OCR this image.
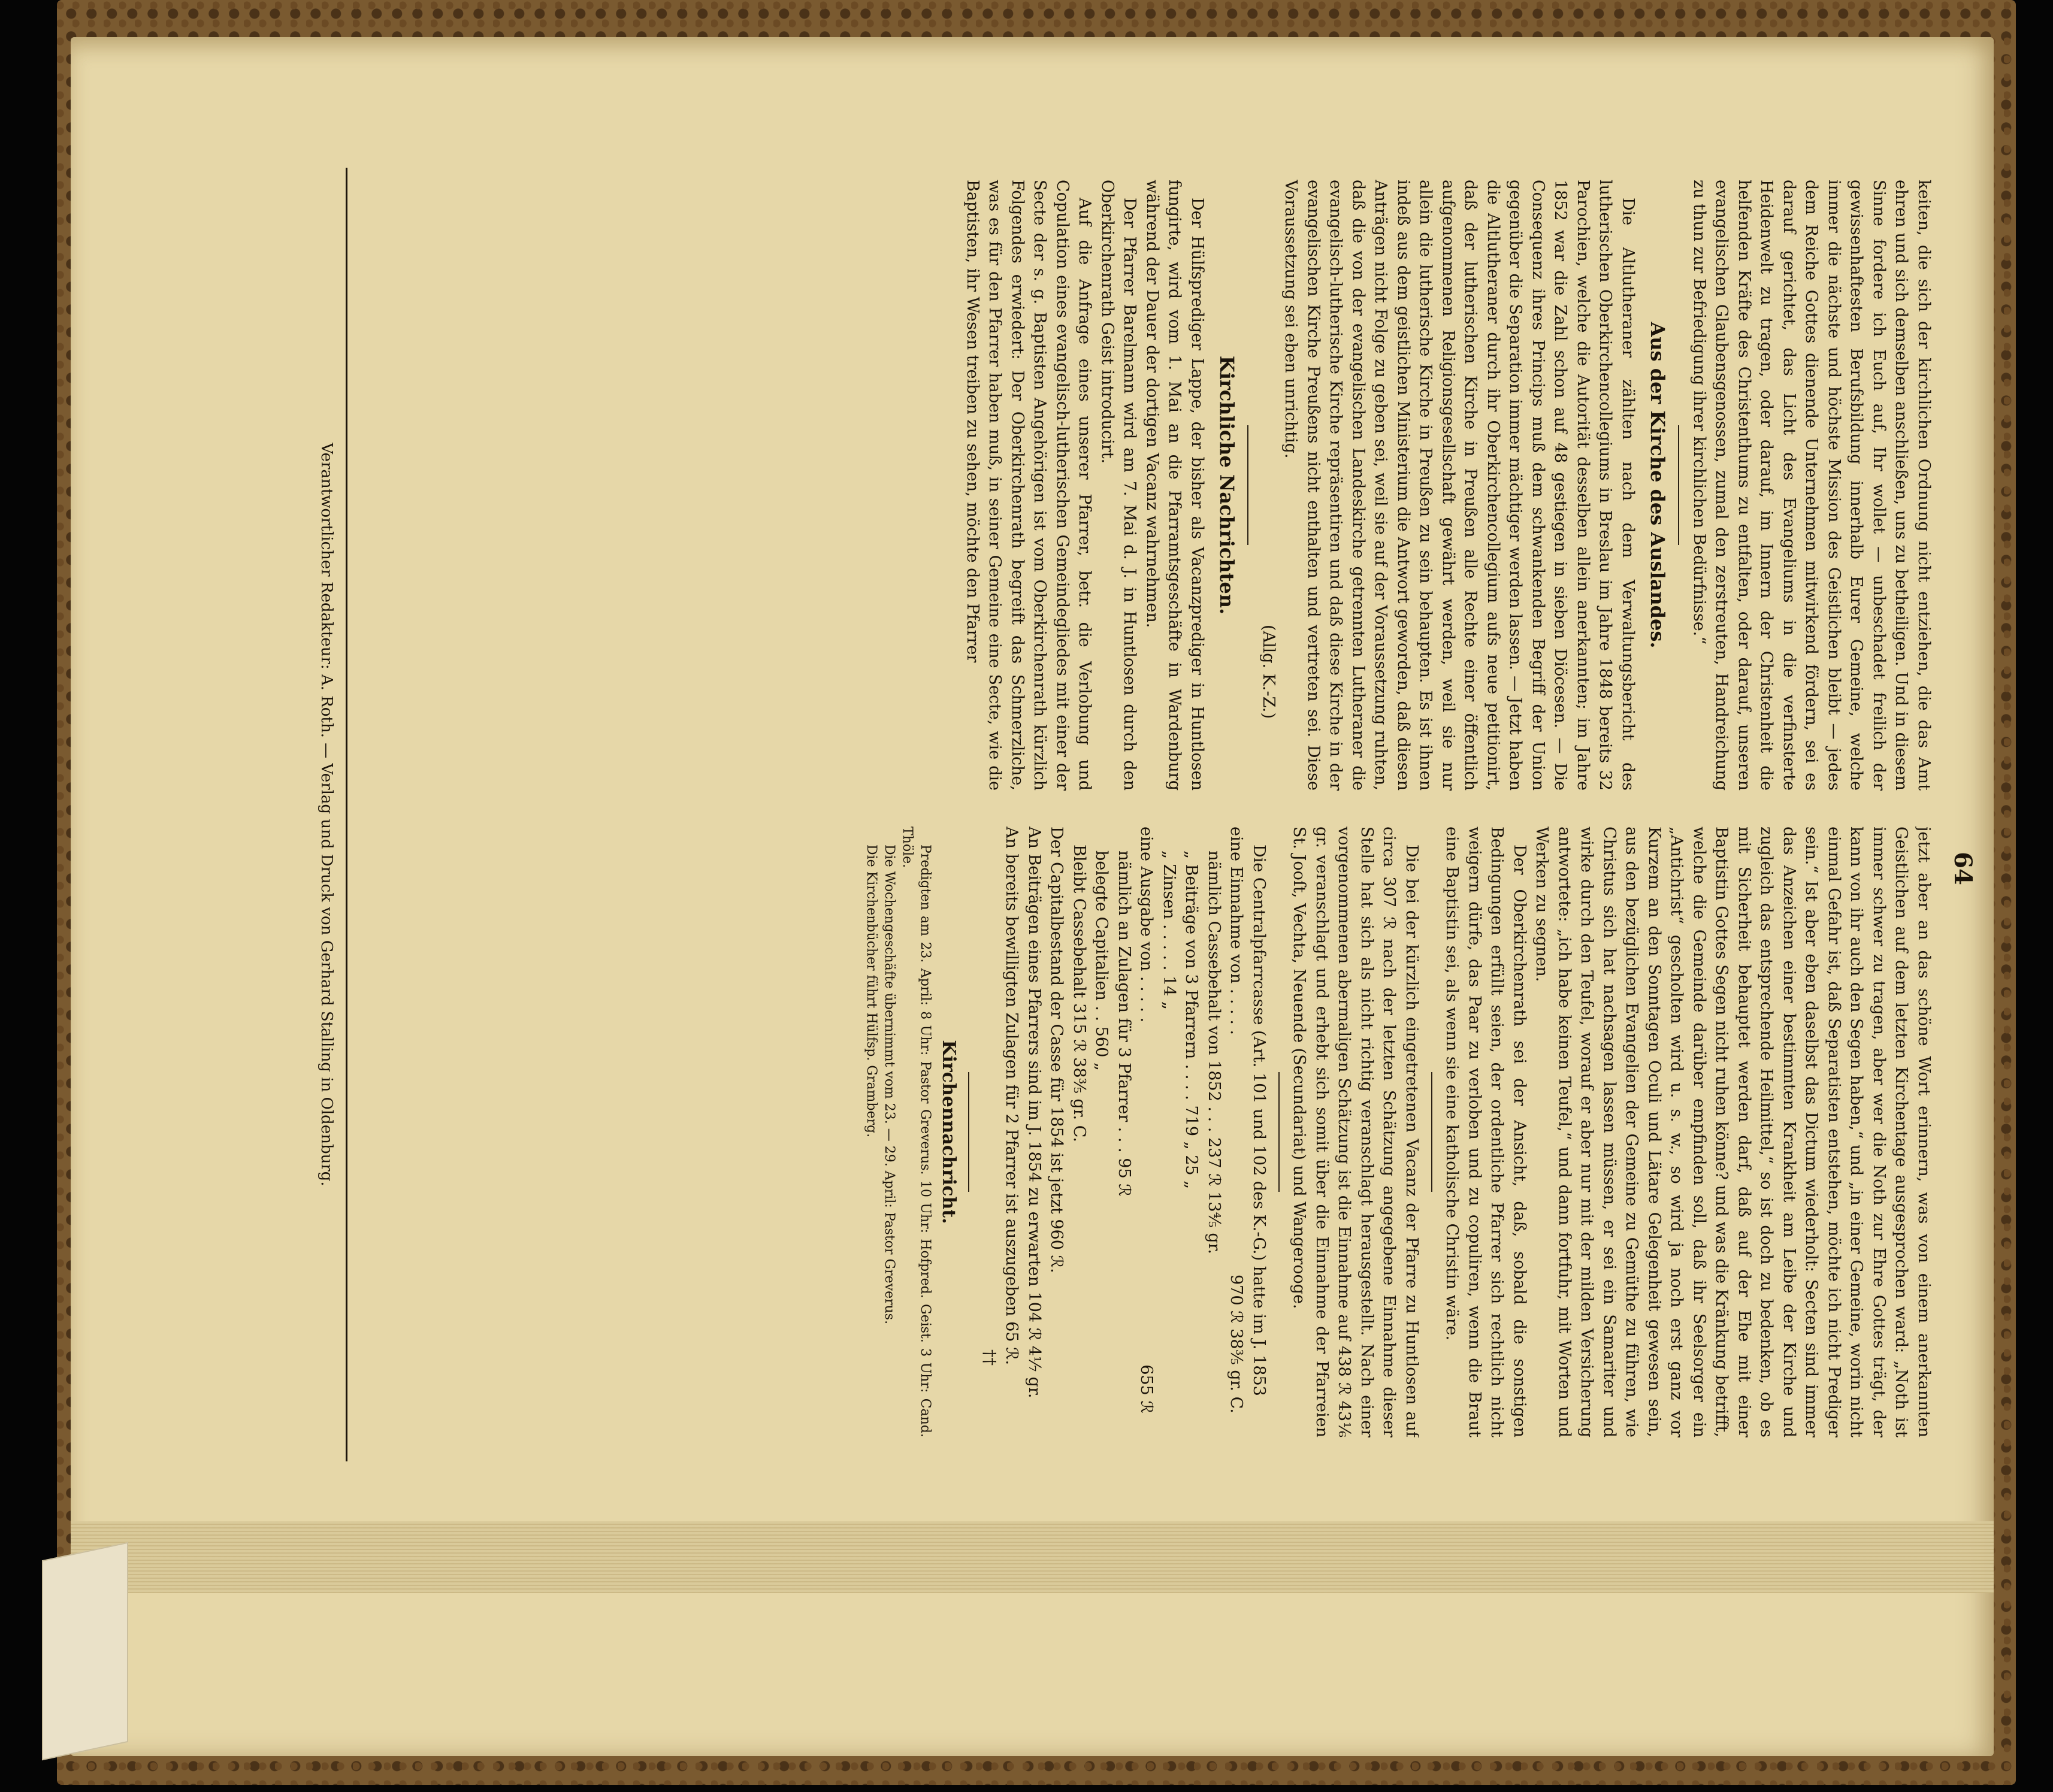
64

keiten, die sich der kirchlichen Ordnung nicht entziehen, die das Amt ehren und sich demselben anschließen, uns zu betheiligen. Und in diesem Sinne fordere ich Euch auf, Ihr wollet — unbeschadet freilich der gewissenhaftesten Berufsbildung innerhalb Eurer Gemeine, welche immer die nächste und höchste Mission des Geistlichen bleibt — jedes dem Reiche Gottes dienende Unternehmen mitwirkend fördern, sei es darauf gerichtet, das Licht des Evangeliums in die verfinsterte Heidenwelt zu tragen, oder darauf, im Innern der Christenheit die helfenden Kräfte des Christenthums zu entfalten, oder darauf, unseren evangelischen Glaubensgenossen, zumal den zerstreuten, Handreichung zu thun zur Befriedigung ihrer kirchlichen Bedürfnisse.“

Aus der Kirche des Auslandes.

Die Altlutheraner zählten nach dem Verwaltungsbericht des lutherischen Oberkirchencollegiums in Breslau im Jahre 1848 bereits 32 Parochien, welche die Autorität desselben allein anerkannten; im Jahre 1852 war die Zahl schon auf 48 gestiegen in sieben Diöcesen. — Die Consequenz ihres Princips muß dem schwankenden Begriff der Union gegenüber die Separation immer mächtiger werden lassen. — Jetzt haben die Altlutheraner durch ihr Oberkirchencollegium aufs neue petitionirt, daß der lutherischen Kirche in Preußen alle Rechte einer öffentlich aufgenommenen Religionsgesellschaft gewährt werden, weil sie nur allein die lutherische Kirche in Preußen zu sein behaupten. Es ist ihnen indeß aus dem geistlichen Ministerium die Antwort geworden, daß diesen Anträgen nicht Folge zu geben sei, weil sie auf der Voraussetzung ruhten, daß die von der evangelischen Landeskirche getrennten Lutheraner die evangelisch-lutherische Kirche repräsentiren und daß diese Kirche in der evangelischen Kirche Preußens nicht enthalten und vertreten sei. Diese Voraussetzung sei eben unrichtig.

(Allg. K.-Z.)

Kirchliche Nachrichten.

Der Hülfsprediger Lappe, der bisher als Vacanzprediger in Huntlosen fungirte, wird vom 1. Mai an die Pfarramtsgeschäfte in Wardenburg während der Dauer der dortigen Vacanz wahrnehmen.

Der Pfarrer Barelmann wird am 7. Mai d. J. in Huntlosen durch den Oberkirchenrath Geist introducirt.

Auf die Anfrage eines unserer Pfarrer, betr. die Verlobung und Copulation eines evangelisch-lutherischen Gemeindegliedes mit einer der Secte der s. g. Baptisten Angehörigen ist vom Oberkirchenrath kürzlich Folgendes erwiedert: Der Oberkirchenrath begreift das Schmerzliche, was es für den Pfarrer haben muß, in seiner Gemeine eine Secte, wie die Baptisten, ihr Wesen treiben zu sehen, möchte den Pfarrer

jetzt aber an das schöne Wort erinnern, was von einem anerkannten Geistlichen auf dem letzten Kirchentage ausgesprochen ward: „Noth ist immer schwer zu tragen, aber wer die Noth zur Ehre Gottes trägt, der kann von ihr auch den Segen haben,“ und „in einer Gemeine, worin nicht einmal Gefahr ist, daß Separatisten entstehen, möchte ich nicht Prediger sein.“ Ist aber eben daselbst das Dictum wiederholt: Secten sind immer das Anzeichen einer bestimmten Krankheit am Leibe der Kirche und zugleich das entsprechende Heilmittel,“ so ist doch zu bedenken, ob es mit Sicherheit behauptet werden darf, daß auf der Ehe mit einer Baptistin Gottes Segen nicht ruhen könne? und was die Kränkung betrifft, welche die Gemeinde darüber empfinden soll, daß ihr Seelsorger ein „Antichrist“ gescholten wird u. s. w., so wird ja noch erst ganz vor Kurzem an den Sonntagen Oculi und Lätare Gelegenheit gewesen sein, aus den bezüglichen Evangelien der Gemeine zu Gemüthe zu führen, wie Christus sich hat nachsagen lassen müssen, er sei ein Samariter und wirke durch den Teufel, worauf er aber nur mit der milden Versicherung antwortete: „ich habe keinen Teufel,“ und dann fortfuhr, mit Worten und Werken zu segnen.

Der Oberkirchenrath sei der Ansicht, daß, sobald die sonstigen Bedingungen erfüllt seien, der ordentliche Pfarrer sich rechtlich nicht weigern dürfe, das Paar zu verloben und zu copuliren, wenn die Braut eine Baptistin sei, als wenn sie eine katholische Christin wäre.

Die bei der kürzlich eingetretenen Vacanz der Pfarre zu Huntlosen auf circa 307 ℛ nach der letzten Schätzung angegebene Einnahme dieser Stelle hat sich als nicht richtig veranschlagt herausgestellt. Nach einer vorgenommenen abermaligen Schätzung ist die Einnahme auf 438 ℛ 43⅙ gr. veranschlagt und erhebt sich somit über die Einnahme der Pfarreien St. Jooſt, Vechta, Neuende (Secundariat) und Wangerooge.

Die Centralpfarrcasse (Art. 101 und 102 des K.-G.) hatte im J. 1853

eine Einnahme von . . . . .
970 ℛ 38⅗ gr. C.
nämlich Cassebehalt von 1852 . . . 237 ℛ 13⅘ gr.
„ Beiträge von 3 Pfarrern . . . . 719 „ 25 „
„ Zinsen . . . . . 14 „
eine Ausgabe von . . . . .
655 ℛ
nämlich an Zulagen für 3 Pfarrer . . . 95 ℛ
belegte Capitalien . . 560 „

Bleibt Cassebehalt 315 ℛ 38⅗ gr. C.

Der Capitalbestand der Casse für 1854 ist jetzt 960 ℛ.

An Beiträgen eines Pfarrers sind im J. 1854 zu erwarten 104 ℛ 4⅐ gr.

An bereits bewilligten Zulagen für 2 Pfarrer ist auszugeben 65 ℛ.

††

Kirchennachricht.

Predigten am 23. April: 8 Uhr: Pastor Greverus. 10 Uhr: Hofpred. Geist. 3 Uhr: Cand. Thöle.

Die Wochengeschäfte übernimmt vom 23. — 29. April: Pastor Greverus.

Die Kirchenbücher führt Hülfsp. Gramberg.

Verantwortlicher Redakteur: A. Roth. — Verlag und Druck von Gerhard Stalling in Oldenburg.
